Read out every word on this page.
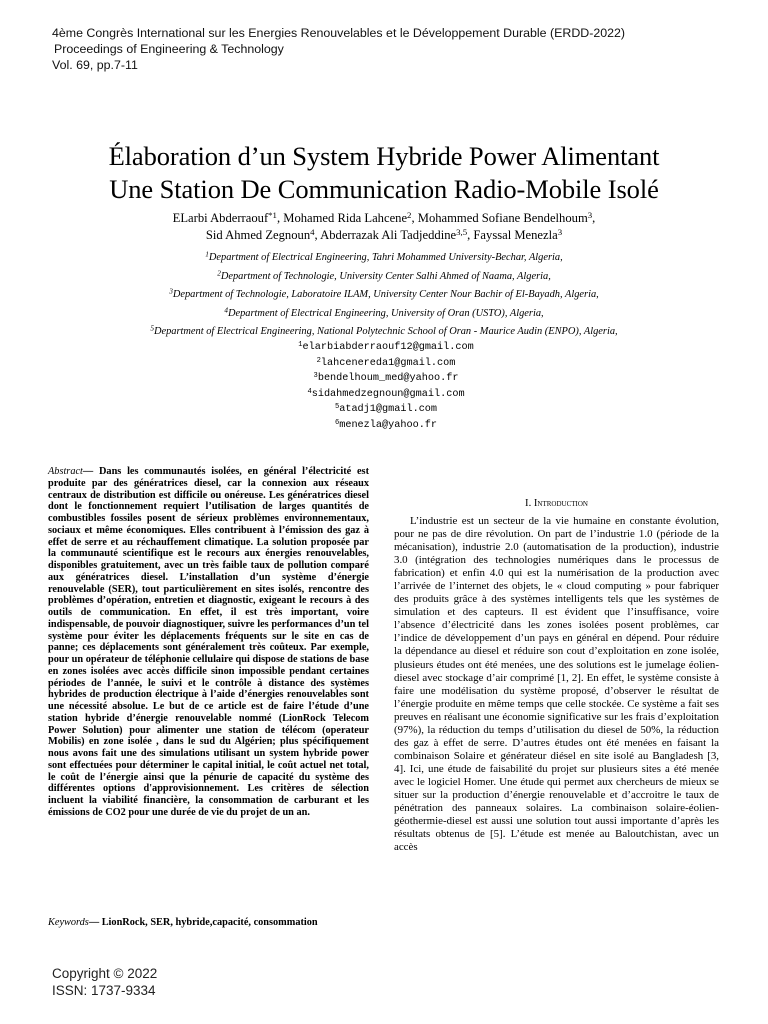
4ème Congrès International sur les Energies Renouvelables et le Développement Durable (ERDD-2022)
Proceedings of Engineering & Technology
Vol. 69, pp.7-11
Élaboration d’un System Hybride Power Alimentant
Une Station De Communication Radio-Mobile Isolé
ELarbi Abderraouf$^{*1}$, Mohamed Rida Lahcene$^2$, Mohammed Sofiane Bendelhoum$^3$,
Sid Ahmed Zegnoun$^4$, Abderrazak Ali Tadjeddine$^{3,5}$, Fayssal Menezla$^3$
$^1$Department of Electrical Engineering, Tahri Mohammed University-Bechar, Algeria,
$^2$Department of Technologie, University Center Salhi Ahmed of Naama, Algeria,
$^3$Department of Technologie, Laboratoire ILAM, University Center Nour Bachir of El-Bayadh, Algeria,
$^4$Department of Electrical Engineering, University of Oran (USTO), Algeria,
$^5$Department of Electrical Engineering, National Polytechnic School of Oran - Maurice Audin (ENPO), Algeria,
$^1$elarbiabderraouf12@gmail.com
$^2$lahcenereda1@gmail.com
$^3$bendelhoum_med@yahoo.fr
$^4$sidahmedzegnoun@gmail.com
$^5$atadj1@gmail.com
$^6$menezla@yahoo.fr
Abstract— Dans les communautés isolées, en général l’électricité est produite par des génératrices diesel, car la connexion aux réseaux centraux de distribution est difficile ou onéreuse. Les génératrices diesel dont le fonctionnement requiert l’utilisation de larges quantités de combustibles fossiles posent de sérieux problèmes environnementaux, sociaux et même économiques. Elles contribuent à l’émission des gaz à effet de serre et au réchauffement climatique. La solution proposée par la communauté scientifique est le recours aux énergies renouvelables, disponibles gratuitement, avec un très faible taux de pollution comparé aux génératrices diesel. L’installation d’un système d’énergie renouvelable (SER), tout particulièrement en sites isolés, rencontre des problèmes d’opération, entretien et diagnostic, exigeant le recours à des outils de communication. En effet, il est très important, voire indispensable, de pouvoir diagnostiquer, suivre les performances d’un tel système pour éviter les déplacements fréquents sur le site en cas de panne; ces déplacements sont généralement très coûteux. Par exemple, pour un opérateur de téléphonie cellulaire qui dispose de stations de base en zones isolées avec accès difficile sinon impossible pendant certaines périodes de l’année, le suivi et le contrôle à distance des systèmes hybrides de production électrique à l’aide d’énergies renouvelables sont une nécessité absolue. Le but de ce article est de faire l’étude d’une station hybride d’énergie renouvelable nommé (LionRock Telecom Power Solution) pour alimenter une station de télécom (operateur Mobilis) en zone isolée , dans le sud du Algérien; plus spécifiquement nous avons fait une des simulations utilisant un system hybride power sont effectuées pour déterminer le capital initial, le coût actuel net total, le coût de l’énergie ainsi que la pénurie de capacité du système des différentes options d'approvisionnement. Les critères de sélection incluent la viabilité financière, la consommation de carburant et les émissions de CO2 pour une durée de vie du projet de un an.
Keywords— LionRock, SER, hybride,capacité, consommation
I. Introduction

L’industrie est un secteur de la vie humaine en constante évolution, pour ne pas de dire révolution. On part de l’industrie 1.0 (période de la mécanisation), industrie 2.0 (automatisation de la production), industrie 3.0 (intégration des technologies numériques dans le processus de fabrication) et enfin 4.0 qui est la numérisation de la production avec l’arrivée de l’internet des objets, le « cloud computing » pour fabriquer des produits grâce à des systèmes intelligents tels que les systèmes de simulation et des capteurs. Il est évident que l’insuffisance, voire l’absence d’électricité dans les zones isolées posent problèmes, car l’indice de développement d’un pays en général en dépend. Pour réduire la dépendance au diesel et réduire son cout d’exploitation en zone isolée, plusieurs études ont été menées, une des solutions est le jumelage éolien-diesel avec stockage d’air comprimé [1, 2]. En effet, le système consiste à faire une modélisation du système proposé, d’observer le résultat de l’énergie produite en même temps que celle stockée. Ce système a fait ses preuves en réalisant une économie significative sur les frais d’exploitation (97%), la réduction du temps d’utilisation du diesel de 50%, la réduction des gaz à effet de serre. D’autres études ont été menées en faisant la combinaison Solaire et générateur diésel en site isolé au Bangladesh [3, 4]. Ici, une étude de faisabilité du projet sur plusieurs sites a été menée avec le logiciel Homer. Une étude qui permet aux chercheurs de mieux se situer sur la production d’énergie renouvelable et d’accroitre le taux de pénétration des panneaux solaires. La combinaison solaire-éolien-géothermie-diesel est aussi une solution tout aussi importante d’après les résultats obtenus de [5]. L’étude est menée au Baloutchistan, avec un accès

Copyright © 2022
ISSN: 1737-9334
